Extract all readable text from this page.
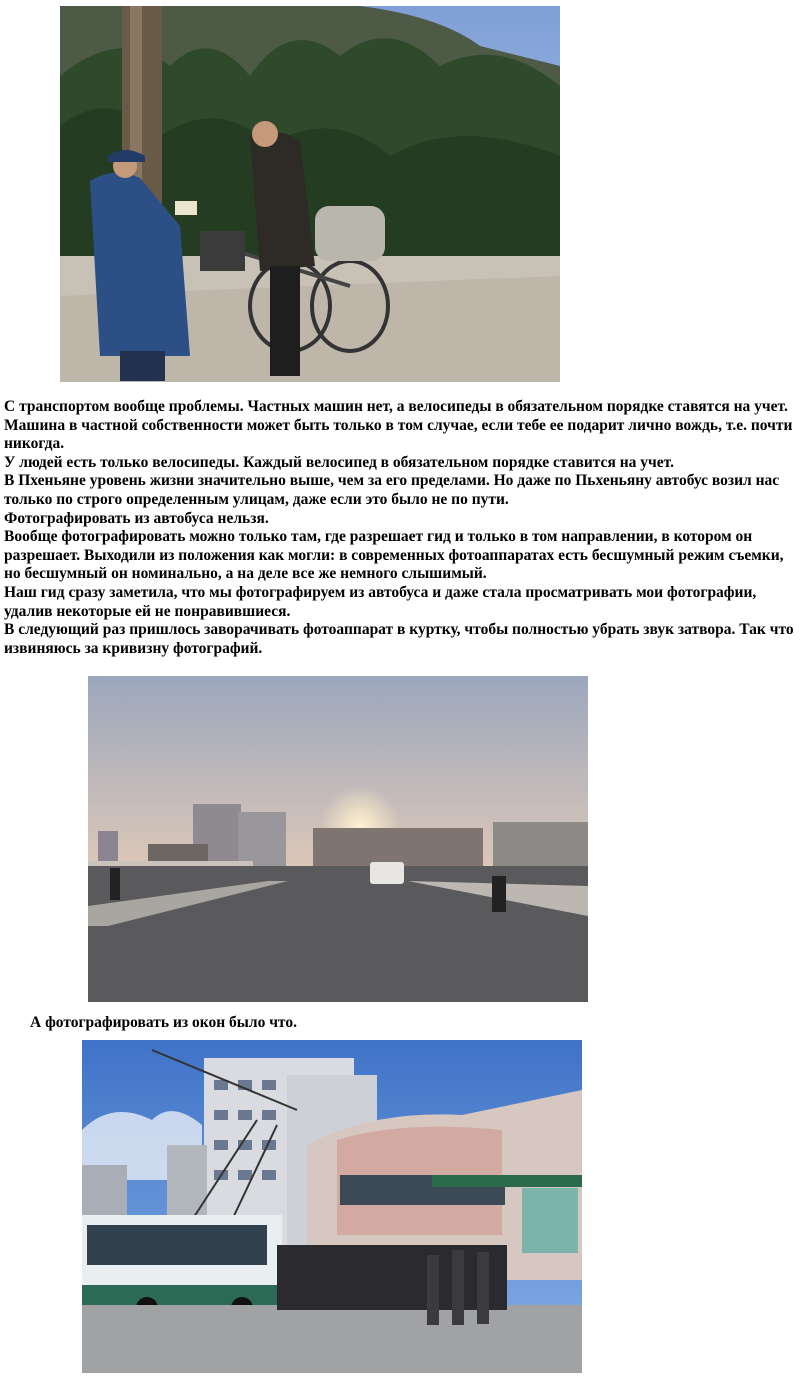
С транспортом вообще проблемы. Частных машин нет, а велосипеды в обязательном порядке ставятся на учет. Машина в частной собственности может быть только в том случае, если тебе ее подарит лично вождь, т.е. почти никогда.

У людей есть только велосипеды. Каждый велосипед в обязательном порядке ставится на учет.

В Пхеньяне уровень жизни значительно выше, чем за его пределами. Но даже по Пьхеньяну автобус возил нас только по строго определенным улицам, даже если это было не по пути.

Фотографировать из автобуса нельзя.

Вообще фотографировать можно только там, где разрешает гид и только в том направлении, в котором он разрешает. Выходили из положения как могли: в современных фотоаппаратах есть бесшумный режим съемки, но бесшумный он номинально, а на деле все же немного слышимый.

Наш гид сразу заметила, что мы фотографируем из автобуса и даже стала просматривать мои фотографии, удалив некоторые ей не понравившиеся.

В следующий раз пришлось заворачивать фотоаппарат в куртку, чтобы полностью убрать звук затвора. Так что извиняюсь за кривизну фотографий.

А фотографировать из окон было что.
